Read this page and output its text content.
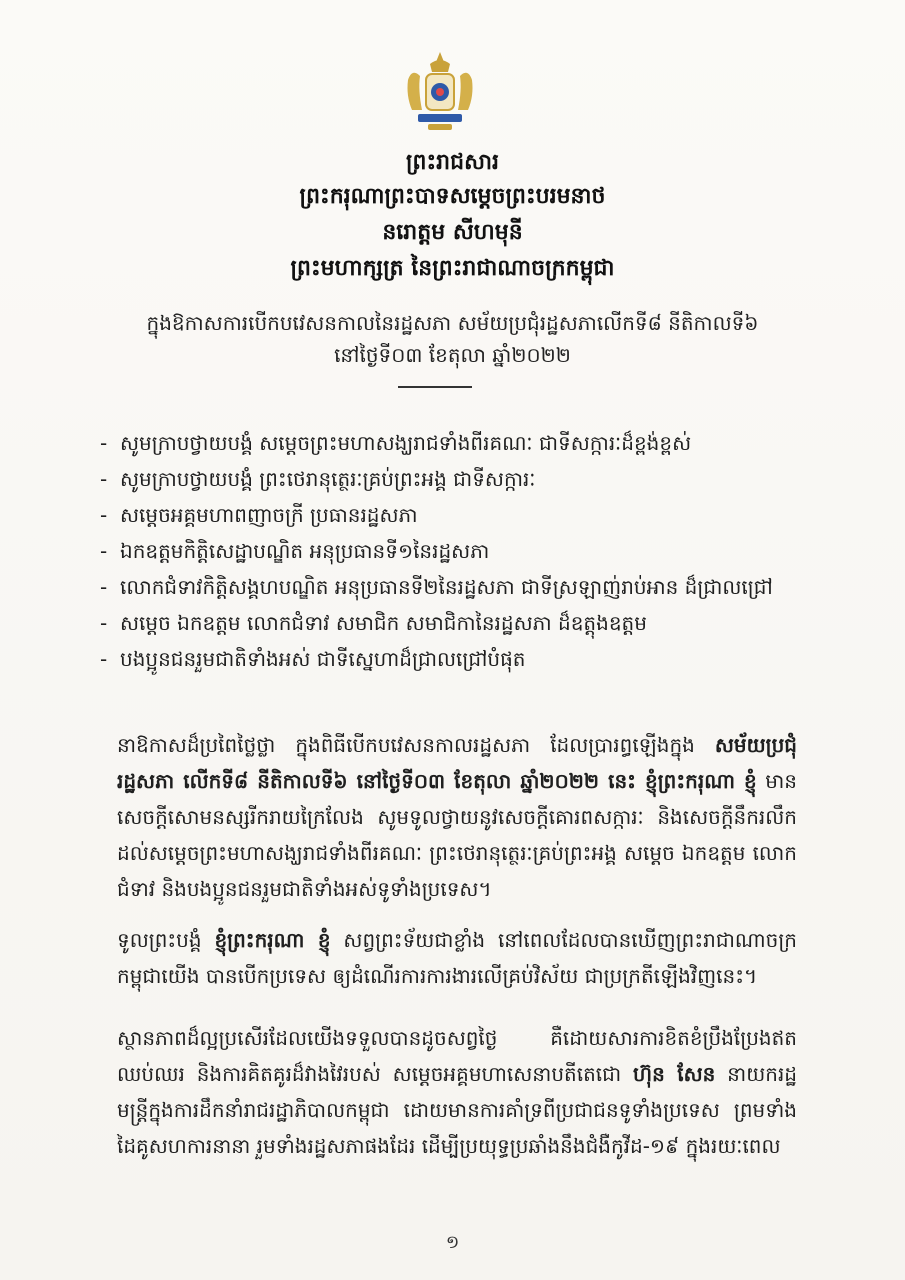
ព្រះរាជសារ
ព្រះករុណាព្រះបាទសម្តេចព្រះបរមនាថ
នរោត្តម សីហមុនី
ព្រះមហាក្សត្រ នៃព្រះរាជាណាចក្រកម្ពុជា
ក្នុងឱកាសការបើកបវេសនកាលនៃរដ្ឋសភា សម័យប្រជុំរដ្ឋសភាលើកទី៨ នីតិកាលទី៦
នៅថ្ងៃទី០៣ ខែតុលា ឆ្នាំ២០២២
- សូមក្រាបថ្វាយបង្គំ សម្តេចព្រះមហាសង្ឃរាជទាំងពីរគណៈ ជាទីសក្ការៈដ៏ខ្ពង់ខ្ពស់
- សូមក្រាបថ្វាយបង្គំ ព្រះថេរានុត្ថេរៈគ្រប់ព្រះអង្គ ជាទីសក្ការៈ
- សម្តេចអគ្គមហាពញាចក្រី ប្រធានរដ្ឋសភា
- ឯកឧត្តមកិត្តិសេដ្ឋាបណ្ឌិត អនុប្រធានទី១នៃរដ្ឋសភា
- លោកជំទាវកិត្តិសង្គហបណ្ឌិត អនុប្រធានទី២នៃរដ្ឋសភា ជាទីស្រឡាញ់រាប់អាន ដ៏ជ្រាលជ្រៅ
- សម្តេច ឯកឧត្តម លោកជំទាវ សមាជិក សមាជិកានៃរដ្ឋសភា ដ៏ឧត្តុងឧត្តម
- បងប្អូនជនរួមជាតិទាំងអស់ ជាទីស្នេហាដ៏ជ្រាលជ្រៅបំផុត

នាឱកាសដ៏ប្រពៃថ្លៃថ្លា ក្នុងពិធីបើកបវេសនកាលរដ្ឋសភា ដែលប្រារព្ធឡើងក្នុង សម័យប្រជុំរដ្ឋសភា លើកទី៨ នីតិកាលទី៦ នៅថ្ងៃទី០៣ ខែតុលា ឆ្នាំ២០២២ នេះ ខ្ញុំព្រះករុណា ខ្ញុំ មាន សេចក្តីសោមនស្សរីករាយក្រៃលែង សូមទូលថ្វាយនូវសេចក្តីគោរពសក្ការៈ និងសេចក្តីនឹករលឹកដល់សម្តេចព្រះមហាសង្ឃរាជទាំងពីរគណៈ ព្រះថេរានុត្ថេរៈគ្រប់ព្រះអង្គ សម្តេច ឯកឧត្តម លោកជំទាវ និងបងប្អូនជនរួមជាតិទាំងអស់ទូទាំងប្រទេស។

ទូលព្រះបង្គំ ខ្ញុំព្រះករុណា ខ្ញុំ សព្វព្រះទ័យជាខ្លាំង នៅពេលដែលបានឃើញព្រះរាជាណាចក្រកម្ពុជាយើង បានបើកប្រទេស ឲ្យដំណើរការការងារលើគ្រប់វិស័យ ជាប្រក្រតីឡើងវិញនេះ។

ស្ថានភាពដ៏ល្អប្រសើរដែលយើងទទួលបានដូចសព្វថ្ងៃ គឺដោយសារការខិតខំប្រឹងប្រែងឥតឈប់ឈរ និងការគិតគូរដ៏វាងវៃរបស់ សម្តេចអគ្គមហាសេនាបតីតេជោ ហ៊ុន សែន នាយករដ្ឋមន្ត្រីក្នុងការដឹកនាំរាជរដ្ឋាភិបាលកម្ពុជា ដោយមានការគាំទ្រពីប្រជាជនទូទាំងប្រទេស ព្រមទាំងដៃគូសហការនានា រួមទាំងរដ្ឋសភាផងដែរ ដើម្បីប្រយុទ្ធប្រឆាំងនឹងជំងឺកូវីដ-១៩ ក្នុងរយៈពេល

១
